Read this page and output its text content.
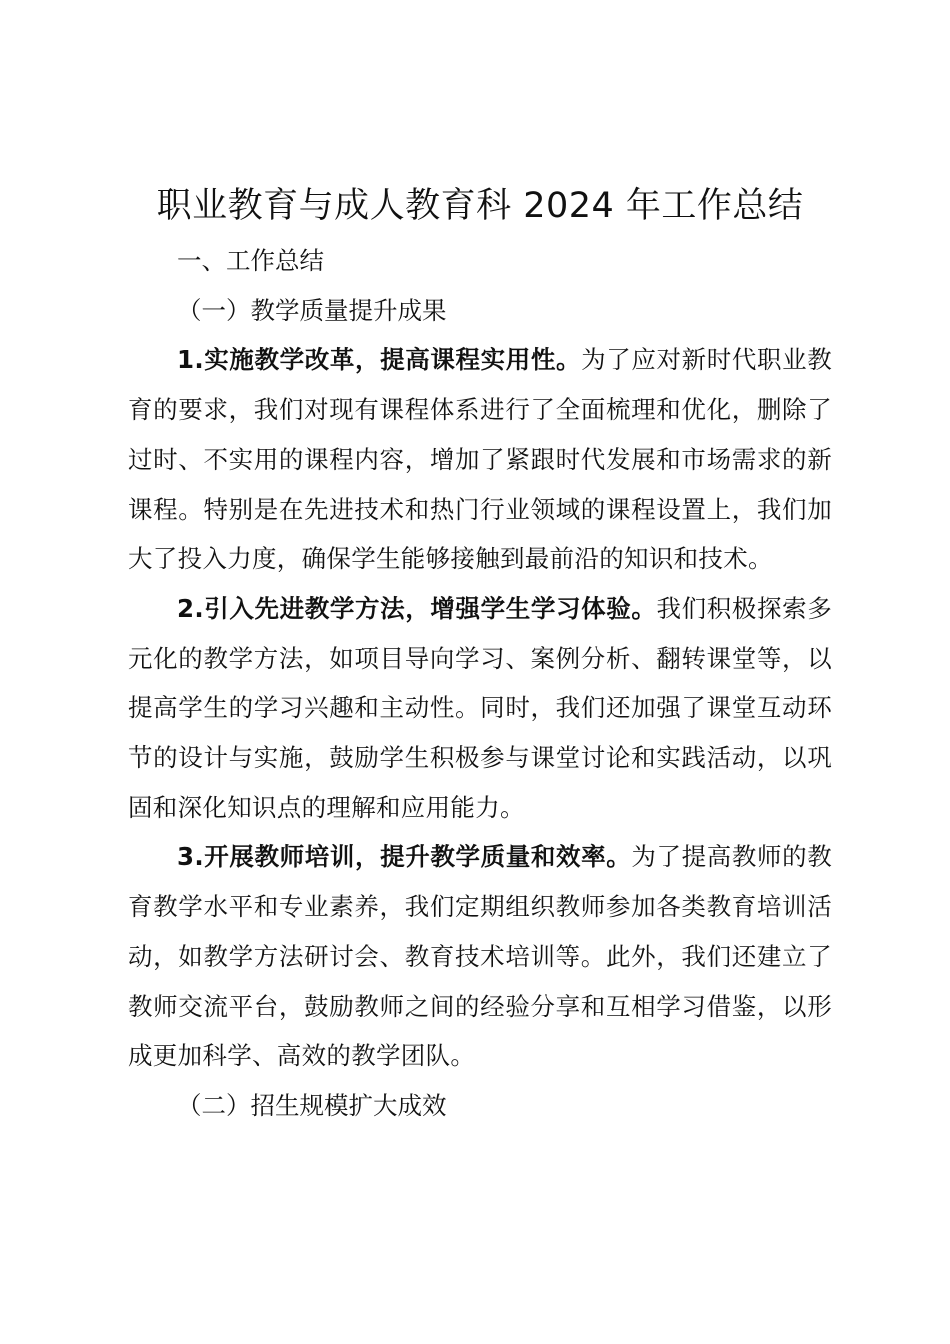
职业教育与成人教育科 2024 年工作总结

一、工作总结

（一）教学质量提升成果

1.实施教学改革，提高课程实用性。为了应对新时代职业教育的要求，我们对现有课程体系进行了全面梳理和优化，删除了过时、不实用的课程内容，增加了紧跟时代发展和市场需求的新课程。特别是在先进技术和热门行业领域的课程设置上，我们加大了投入力度，确保学生能够接触到最前沿的知识和技术。

2.引入先进教学方法，增强学生学习体验。我们积极探索多元化的教学方法，如项目导向学习、案例分析、翻转课堂等，以提高学生的学习兴趣和主动性。同时，我们还加强了课堂互动环节的设计与实施，鼓励学生积极参与课堂讨论和实践活动，以巩固和深化知识点的理解和应用能力。

3.开展教师培训，提升教学质量和效率。为了提高教师的教育教学水平和专业素养，我们定期组织教师参加各类教育培训活动，如教学方法研讨会、教育技术培训等。此外，我们还建立了教师交流平台，鼓励教师之间的经验分享和互相学习借鉴，以形成更加科学、高效的教学团队。

（二）招生规模扩大成效
